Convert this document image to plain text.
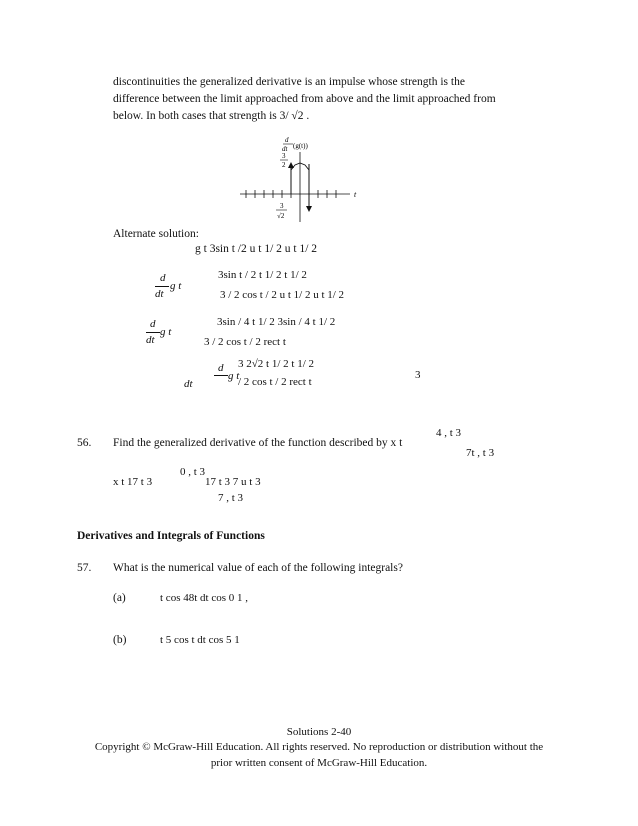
discontinuities the generalized derivative is an impulse whose strength is the
difference between the limit approached from above and the limit approached from
below. In both cases that strength is 3/ √2 .
d
dt (g(t))
t
3
2
3
√2
Alternate solution:
g t 3sin t /2 u t 1/ 2 u t 1/ 2
d
dt
g t
3sin t / 2 t 1/ 2 t 1/ 2
3 / 2 cos t / 2 u t 1/ 2 u t 1/ 2
d
dt
g t
3sin / 4 t 1/ 2 3sin / 4 t 1/ 2
3 / 2 cos t / 2 rect t
d
dt
g t
3 2√2 t 1/ 2 t 1/ 2
/ 2 cos t / 2 rect t
3
56. Find the generalized derivative of the function described by x t
4 , t 3
7t , t 3
x t 17 t 3
0 , t 3
17 t 3 7 u t 3
7 , t 3
Derivatives and Integrals of Functions
57. What is the numerical value of each of the following integrals?
(a)	t cos 48t dt cos 0 1 ,
(b)	t 5 cos t dt cos 5 1
Solutions 2-40
Copyright © McGraw-Hill Education. All rights reserved. No reproduction or distribution without the
prior written consent of McGraw-Hill Education.
